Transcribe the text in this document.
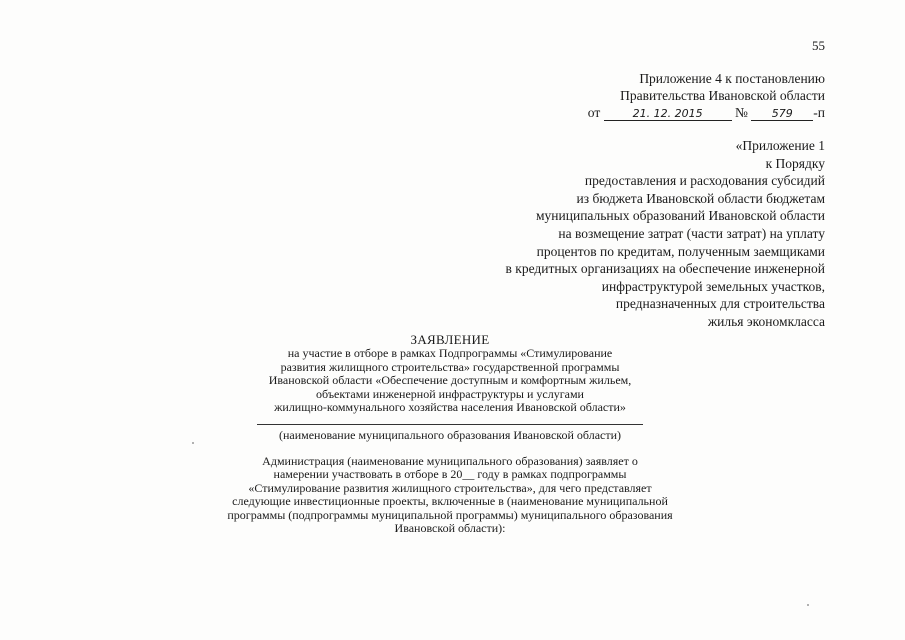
55
Приложение 4 к постановлению
Правительства Ивановской области
от	21. 12. 2015 № 579 -п
«Приложение 1
к Порядку
предоставления и расходования субсидий
из бюджета Ивановской области бюджетам
муниципальных образований Ивановской области
на возмещение затрат (части затрат) на уплату
процентов по кредитам, полученным заемщиками
в кредитных организациях на обеспечение инженерной
инфраструктурой земельных участков,
предназначенных для строительства
жилья экономкласса
ЗАЯВЛЕНИЕ
на участие в отборе в рамках Подпрограммы «Стимулирование
развития жилищного строительства» государственной программы
Ивановской области «Обеспечение доступным и комфортным жильем,
объектами инженерной инфраструктуры и услугами
жилищно-коммунального хозяйства населения Ивановской области»
(наименование муниципального образования Ивановской области)
Администрация (наименование муниципального образования) заявляет о
намерении участвовать в отборе в 20__ году в рамках подпрограммы
«Стимулирование развития жилищного строительства», для чего представляет
следующие инвестиционные проекты, включенные в (наименование муниципальной
программы (подпрограммы муниципальной программы) муниципального образования
Ивановской области):
